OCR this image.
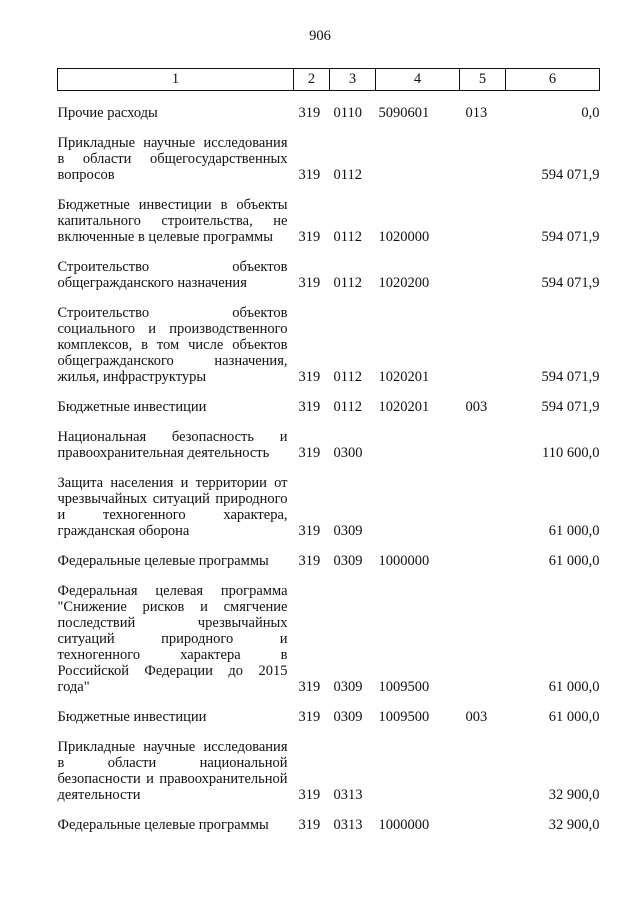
906
1	2	3	4	5	6

Прочие расходы	319	0110	5090601	013	0,0

Прикладные научные исследования в области общегосударственных вопросов	319	0112			594 071,9

Бюджетные инвестиции в объекты капитального строительства, не включенные в целевые программы	319	0112	1020000		594 071,9

Строительство объектов общегражданского назначения	319	0112	1020200		594 071,9

Строительство объектов социального и производственного комплексов, в том числе объектов общегражданского назначения, жилья, инфраструктуры	319	0112	1020201		594 071,9

Бюджетные инвестиции	319	0112	1020201	003	594 071,9

Национальная безопасность и правоохранительная деятельность	319	0300			110 600,0

Защита населения и территории от чрезвычайных ситуаций природного и техногенного характера, гражданская оборона	319	0309			61 000,0

Федеральные целевые программы	319	0309	1000000		61 000,0

Федеральная целевая программа "Снижение рисков и смягчение последствий чрезвычайных ситуаций природного и техногенного характера в Российской Федерации до 2015 года"	319	0309	1009500		61 000,0

Бюджетные инвестиции	319	0309	1009500	003	61 000,0

Прикладные научные исследования в области национальной безопасности и правоохранительной деятельности	319	0313			32 900,0

Федеральные целевые программы	319	0313	1000000		32 900,0
